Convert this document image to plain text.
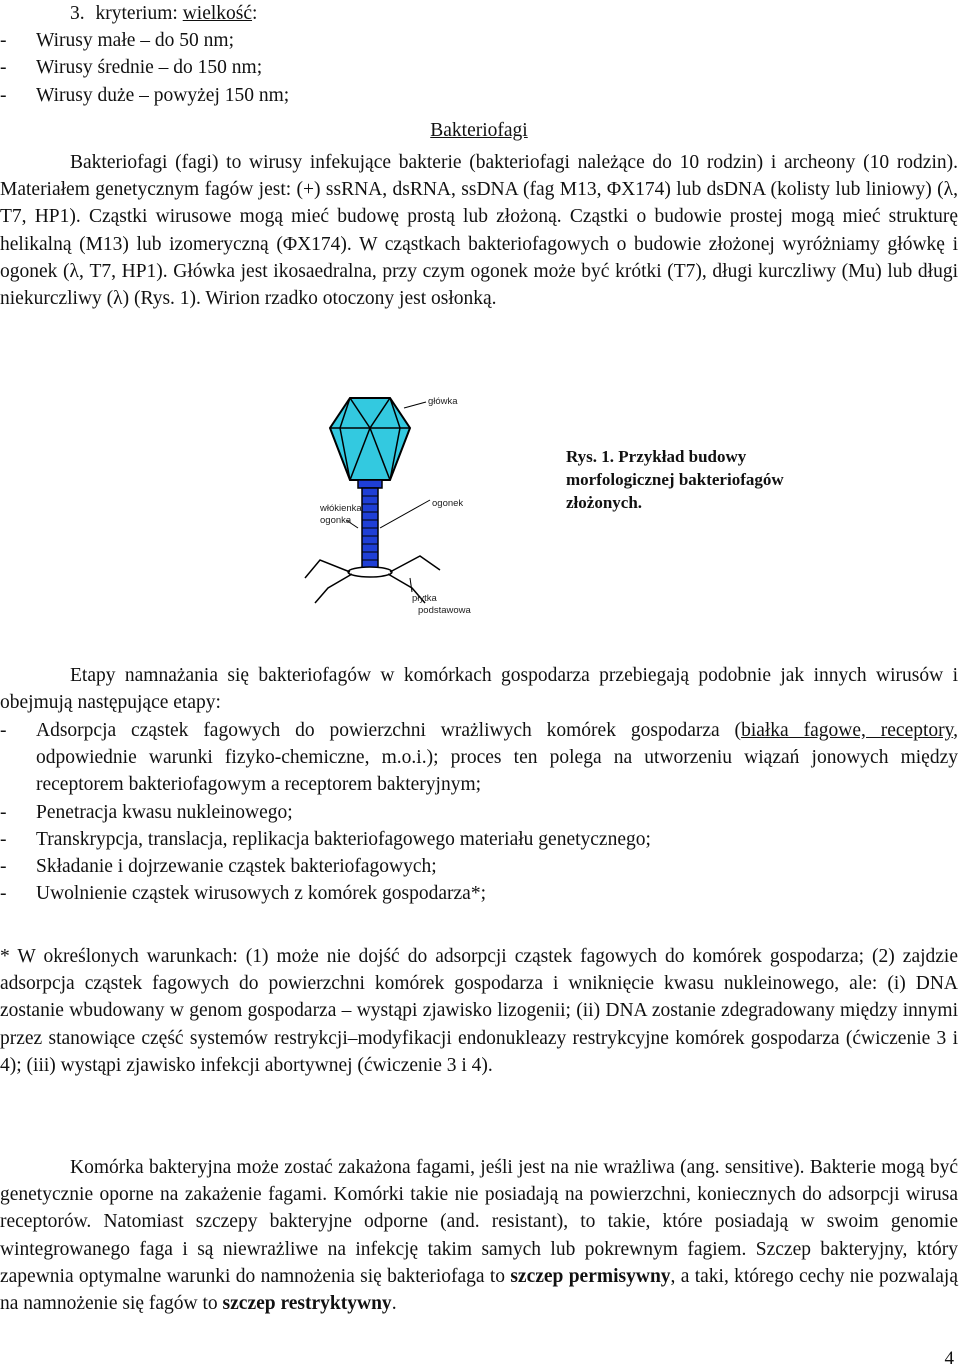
3. kryterium: wielkość:
- Wirusy małe – do 50 nm;
- Wirusy średnie – do 150 nm;
- Wirusy duże – powyżej 150 nm;
Bakteriofagi
Bakteriofagi (fagi) to wirusy infekujące bakterie (bakteriofagi należące do 10 rodzin) i archeony (10 rodzin). Materiałem genetycznym fagów jest: (+) ssRNA, dsRNA, ssDNA (fag M13, ΦX174) lub dsDNA (kolisty lub liniowy) (λ, T7, HP1). Cząstki wirusowe mogą mieć budowę prostą lub złożoną. Cząstki o budowie prostej mogą mieć strukturę helikalną (M13) lub izomeryczną (ΦX174). W cząstkach bakteriofagowych o budowie złożonej wyróżniamy główkę i ogonek (λ, T7, HP1). Główka jest ikosaedralna, przy czym ogonek może być krótki (T7), długi kurczliwy (Mu) lub długi niekurczliwy (λ) (Rys. 1). Wirion rzadko otoczony jest osłonką.
główka
ogonek
włókienka
ogonka
płytka
podstawowa
Rys. 1. Przykład budowy morfologicznej bakteriofagów złożonych.
Etapy namnażania się bakteriofagów w komórkach gospodarza przebiegają podobnie jak innych wirusów i obejmują następujące etapy:
- Adsorpcja cząstek fagowych do powierzchni wrażliwych komórek gospodarza (białka fagowe, receptory, odpowiednie warunki fizyko-chemiczne, m.o.i.); proces ten polega na utworzeniu wiązań jonowych między receptorem bakteriofagowym a receptorem bakteryjnym;
- Penetracja kwasu nukleinowego;
- Transkrypcja, translacja, replikacja bakteriofagowego materiału genetycznego;
- Składanie i dojrzewanie cząstek bakteriofagowych;
- Uwolnienie cząstek wirusowych z komórek gospodarza*;
* W określonych warunkach: (1) może nie dojść do adsorpcji cząstek fagowych do komórek gospodarza; (2) zajdzie adsorpcja cząstek fagowych do powierzchni komórek gospodarza i wniknięcie kwasu nukleinowego, ale: (i) DNA zostanie wbudowany w genom gospodarza – wystąpi zjawisko lizogenii; (ii) DNA zostanie zdegradowany między innymi przez stanowiące część systemów restrykcji–modyfikacji endonukleazy restrykcyjne komórek gospodarza (ćwiczenie 3 i 4); (iii) wystąpi zjawisko infekcji abortywnej (ćwiczenie 3 i 4).
Komórka bakteryjna może zostać zakażona fagami, jeśli jest na nie wrażliwa (ang. sensitive). Bakterie mogą być genetycznie oporne na zakażenie fagami. Komórki takie nie posiadają na powierzchni, koniecznych do adsorpcji wirusa receptorów. Natomiast szczepy bakteryjne odporne (and. resistant), to takie, które posiadają w swoim genomie wintegrowanego faga i są niewrażliwe na infekcję takim samych lub pokrewnym fagiem. Szczep bakteryjny, który zapewnia optymalne warunki do namnożenia się bakteriofaga to szczep permisywny, a taki, którego cechy nie pozwalają na namnożenie się fagów to szczep restryktywny.
4
